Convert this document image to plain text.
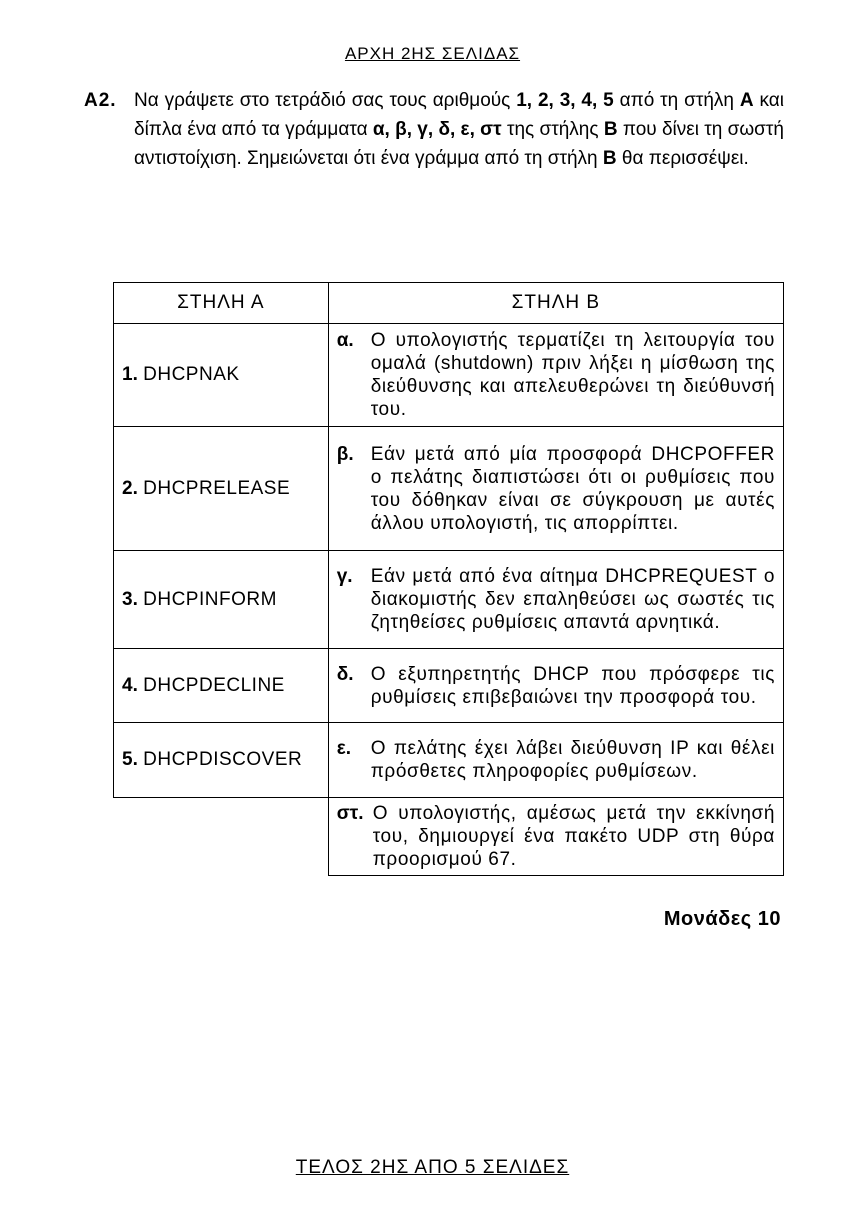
ΑΡΧΗ 2ΗΣ ΣΕΛΙΔΑΣ
Α2. Να γράψετε στο τετράδιό σας τους αριθμούς 1, 2, 3, 4, 5 από τη στήλη Α και δίπλα ένα από τα γράμματα α, β, γ, δ, ε, στ της στήλης Β που δίνει τη σωστή αντιστοίχιση. Σημειώνεται ότι ένα γράμμα από τη στήλη Β θα περισσέψει.
ΣΤΗΛΗ Α	ΣΤΗΛΗ Β
1. DHCPNAK	α. Ο υπολογιστής τερματίζει τη λειτουργία του ομαλά (shutdown) πριν λήξει η μίσθωση της διεύθυνσης και απελευθερώνει τη διεύθυνσή του.

2. DHCPRELEASE	β. Εάν μετά από μία προσφορά DHCPOFFER ο πελάτης διαπιστώσει ότι οι ρυθμίσεις που του δόθηκαν είναι σε σύγκρουση με αυτές άλλου υπολογιστή, τις απορρίπτει.

3. DHCPINFORM	γ. Εάν μετά από ένα αίτημα DHCPREQUEST ο διακομιστής δεν επαληθεύσει ως σωστές τις ζητηθείσες ρυθμίσεις απαντά αρνητικά.

4. DHCPDECLINE	δ. Ο εξυπηρετητής DHCP που πρόσφερε τις ρυθμίσεις επιβεβαιώνει την προσφορά του.

5. DHCPDISCOVER	ε. Ο πελάτης έχει λάβει διεύθυνση IP και θέλει πρόσθετες πληροφορίες ρυθμίσεων.

	στ. Ο υπολογιστής, αμέσως μετά την εκκίνησή του, δημιουργεί ένα πακέτο UDP στη θύρα προορισμού 67.
Μονάδες 10
ΤΕΛΟΣ 2ΗΣ ΑΠΟ 5 ΣΕΛΙΔΕΣ
